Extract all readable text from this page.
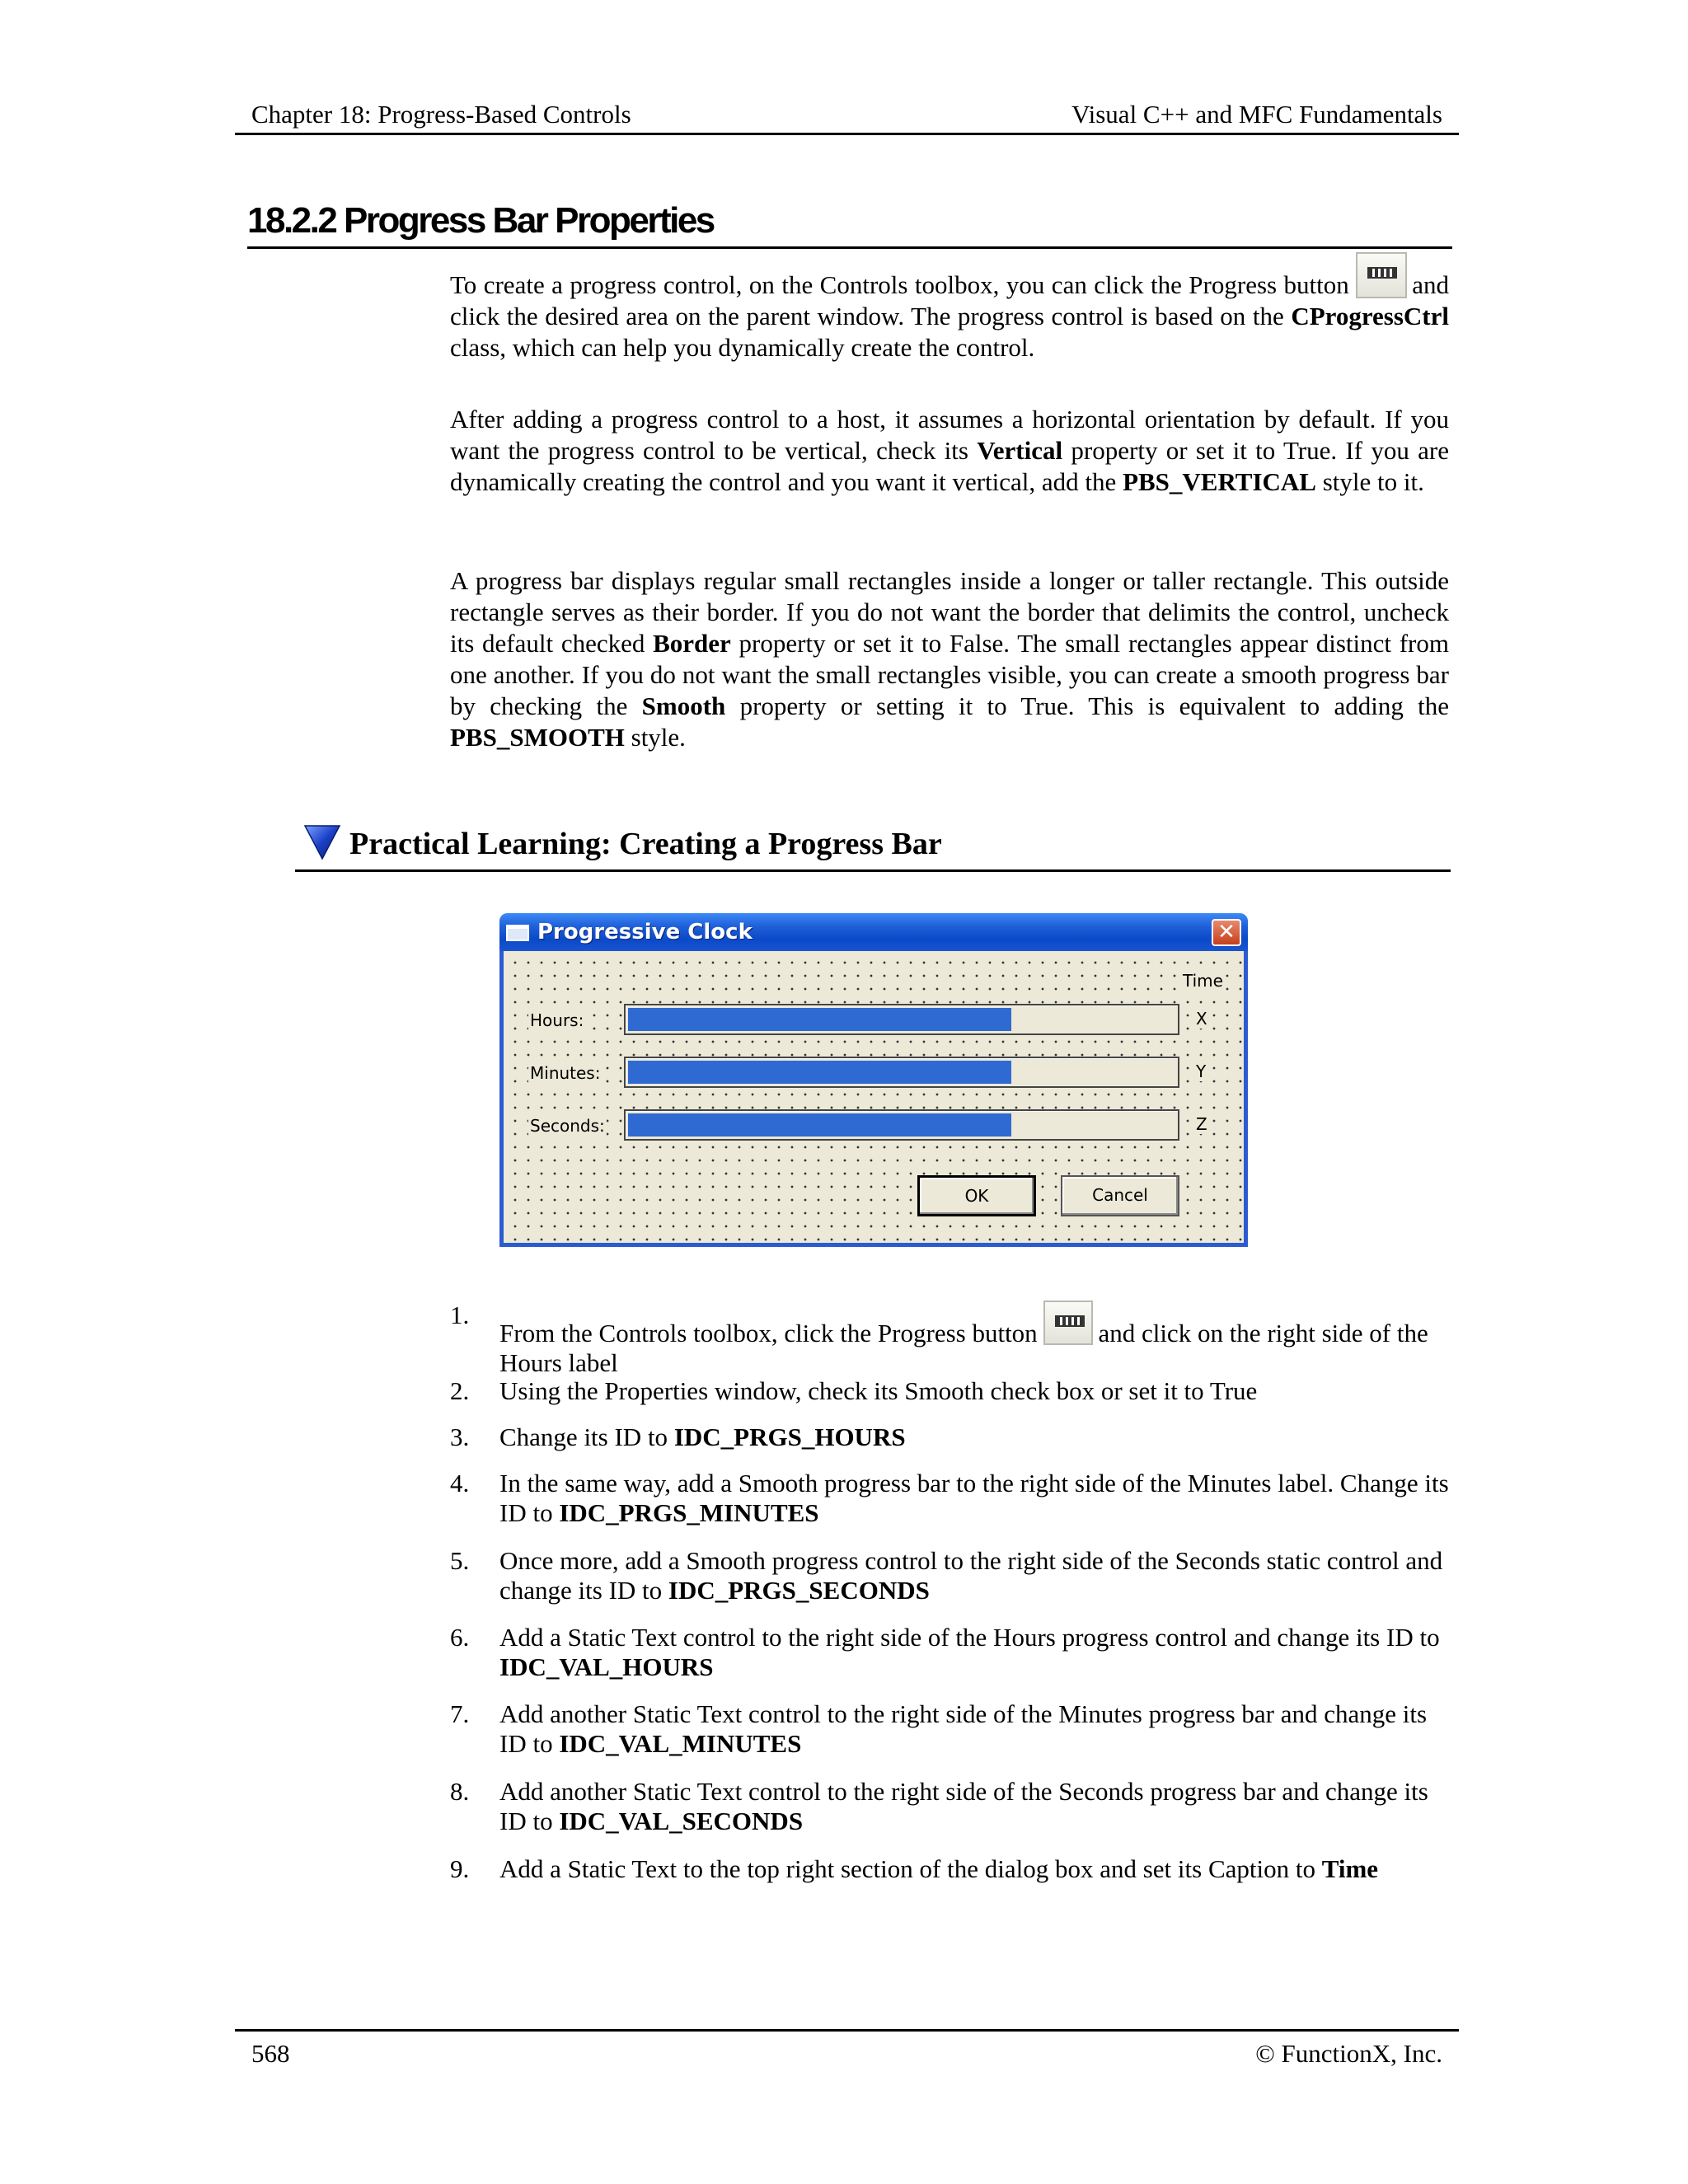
Chapter 18: Progress-Based Controls	Visual C++ and MFC Fundamentals
18.2.2 Progress Bar Properties

To create a progress control, on the Controls toolbox, you can click the Progress button and click the desired area on the parent window. The progress control is based on the CProgressCtrl class, which can help you dynamically create the control.

After adding a progress control to a host, it assumes a horizontal orientation by default. If you want the progress control to be vertical, check its Vertical property or set it to True. If you are dynamically creating the control and you want it vertical, add the PBS_VERTICAL style to it.

A progress bar displays regular small rectangles inside a longer or taller rectangle. This outside rectangle serves as their border. If you do not want the border that delimits the control, uncheck its default checked Border property or set it to False. The small rectangles appear distinct from one another. If you do not want the small rectangles visible, you can create a smooth progress bar by checking the Smooth property or setting it to True. This is equivalent to adding the PBS_SMOOTH style.

Practical Learning: Creating a Progress Bar
Progressive Clock	✕
Time
Hours:	X
Minutes:	Y
Seconds:	Z
OK	Cancel
1.
From the Controls toolbox, click the Progress button and click on the right side of the Hours label
2. Using the Properties window, check its Smooth check box or set it to True
3. Change its ID to IDC_PRGS_HOURS
4. In the same way, add a Smooth progress bar to the right side of the Minutes label. Change its ID to IDC_PRGS_MINUTES
5. Once more, add a Smooth progress control to the right side of the Seconds static control and change its ID to IDC_PRGS_SECONDS
6. Add a Static Text control to the right side of the Hours progress control and change its ID to IDC_VAL_HOURS
7. Add another Static Text control to the right side of the Minutes progress bar and change its ID to IDC_VAL_MINUTES
8. Add another Static Text control to the right side of the Seconds progress bar and change its ID to IDC_VAL_SECONDS
9. Add a Static Text to the top right section of the dialog box and set its Caption to Time
568	© FunctionX, Inc.
